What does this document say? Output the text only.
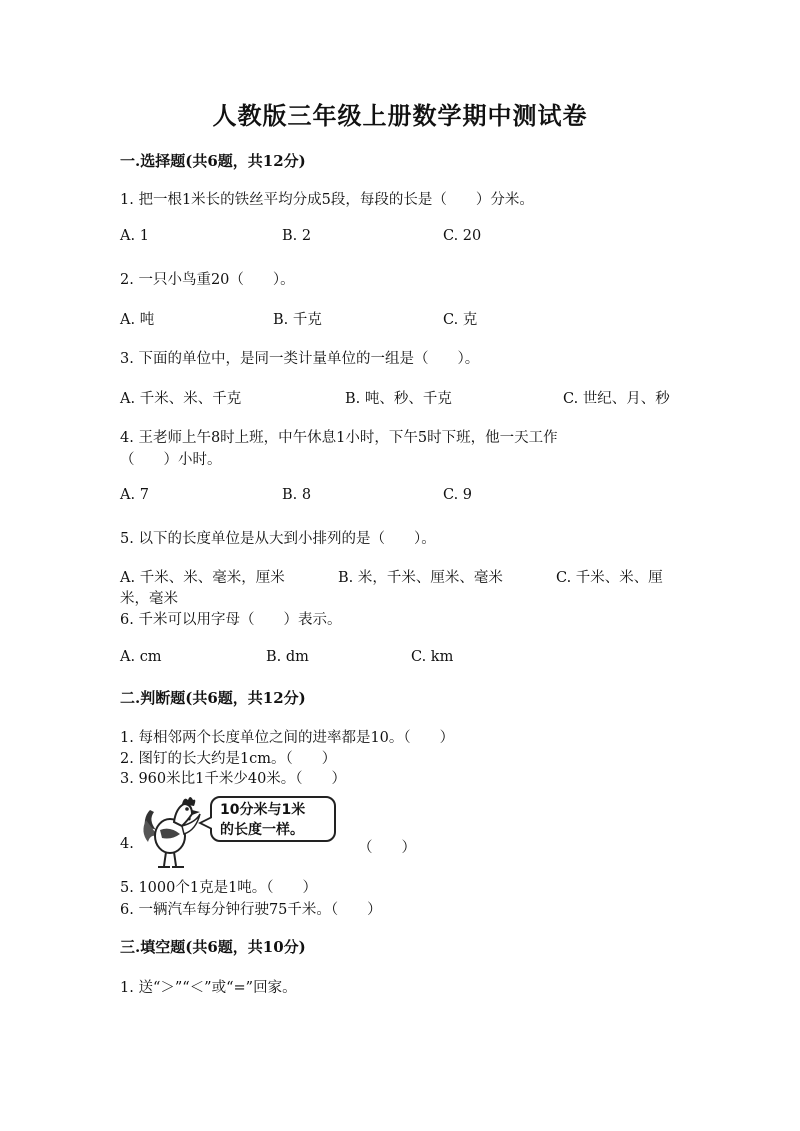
人教版三年级上册数学期中测试卷
一.选择题(共6题，共12分)
1. 把一根1米长的铁丝平均分成5段，每段的长是（　　）分米。
A. 1	B. 2	C. 20
2. 一只小鸟重20（　　）。
A. 吨	B. 千克	C. 克
3. 下面的单位中，是同一类计量单位的一组是（　　）。
A. 千米、米、千克	B. 吨、秒、千克	C. 世纪、月、秒
4. 王老师上午8时上班，中午休息1小时，下午5时下班，他一天工作
（　　）小时。
A. 7	B. 8	C. 9
5. 以下的长度单位是从大到小排列的是（　　）。
A. 千米、米、毫米，厘米	B. 米，千米、厘米、毫米	C. 千米、米、厘
米，毫米
6. 千米可以用字母（　　）表示。
A. cm	B. dm	C. km
二.判断题(共6题，共12分)
1. 每相邻两个长度单位之间的进率都是10。（　　）
2. 图钉的长大约是1cm。（　　）
3. 960米比1千米少40米。（　　）
4.
10分米与1米
的长度一样。
（　　）
5. 1000个1克是1吨。（　　）
6. 一辆汽车每分钟行驶75千米。（　　）
三.填空题(共6题，共10分)
1. 送“＞”“＜”或“=”回家。
